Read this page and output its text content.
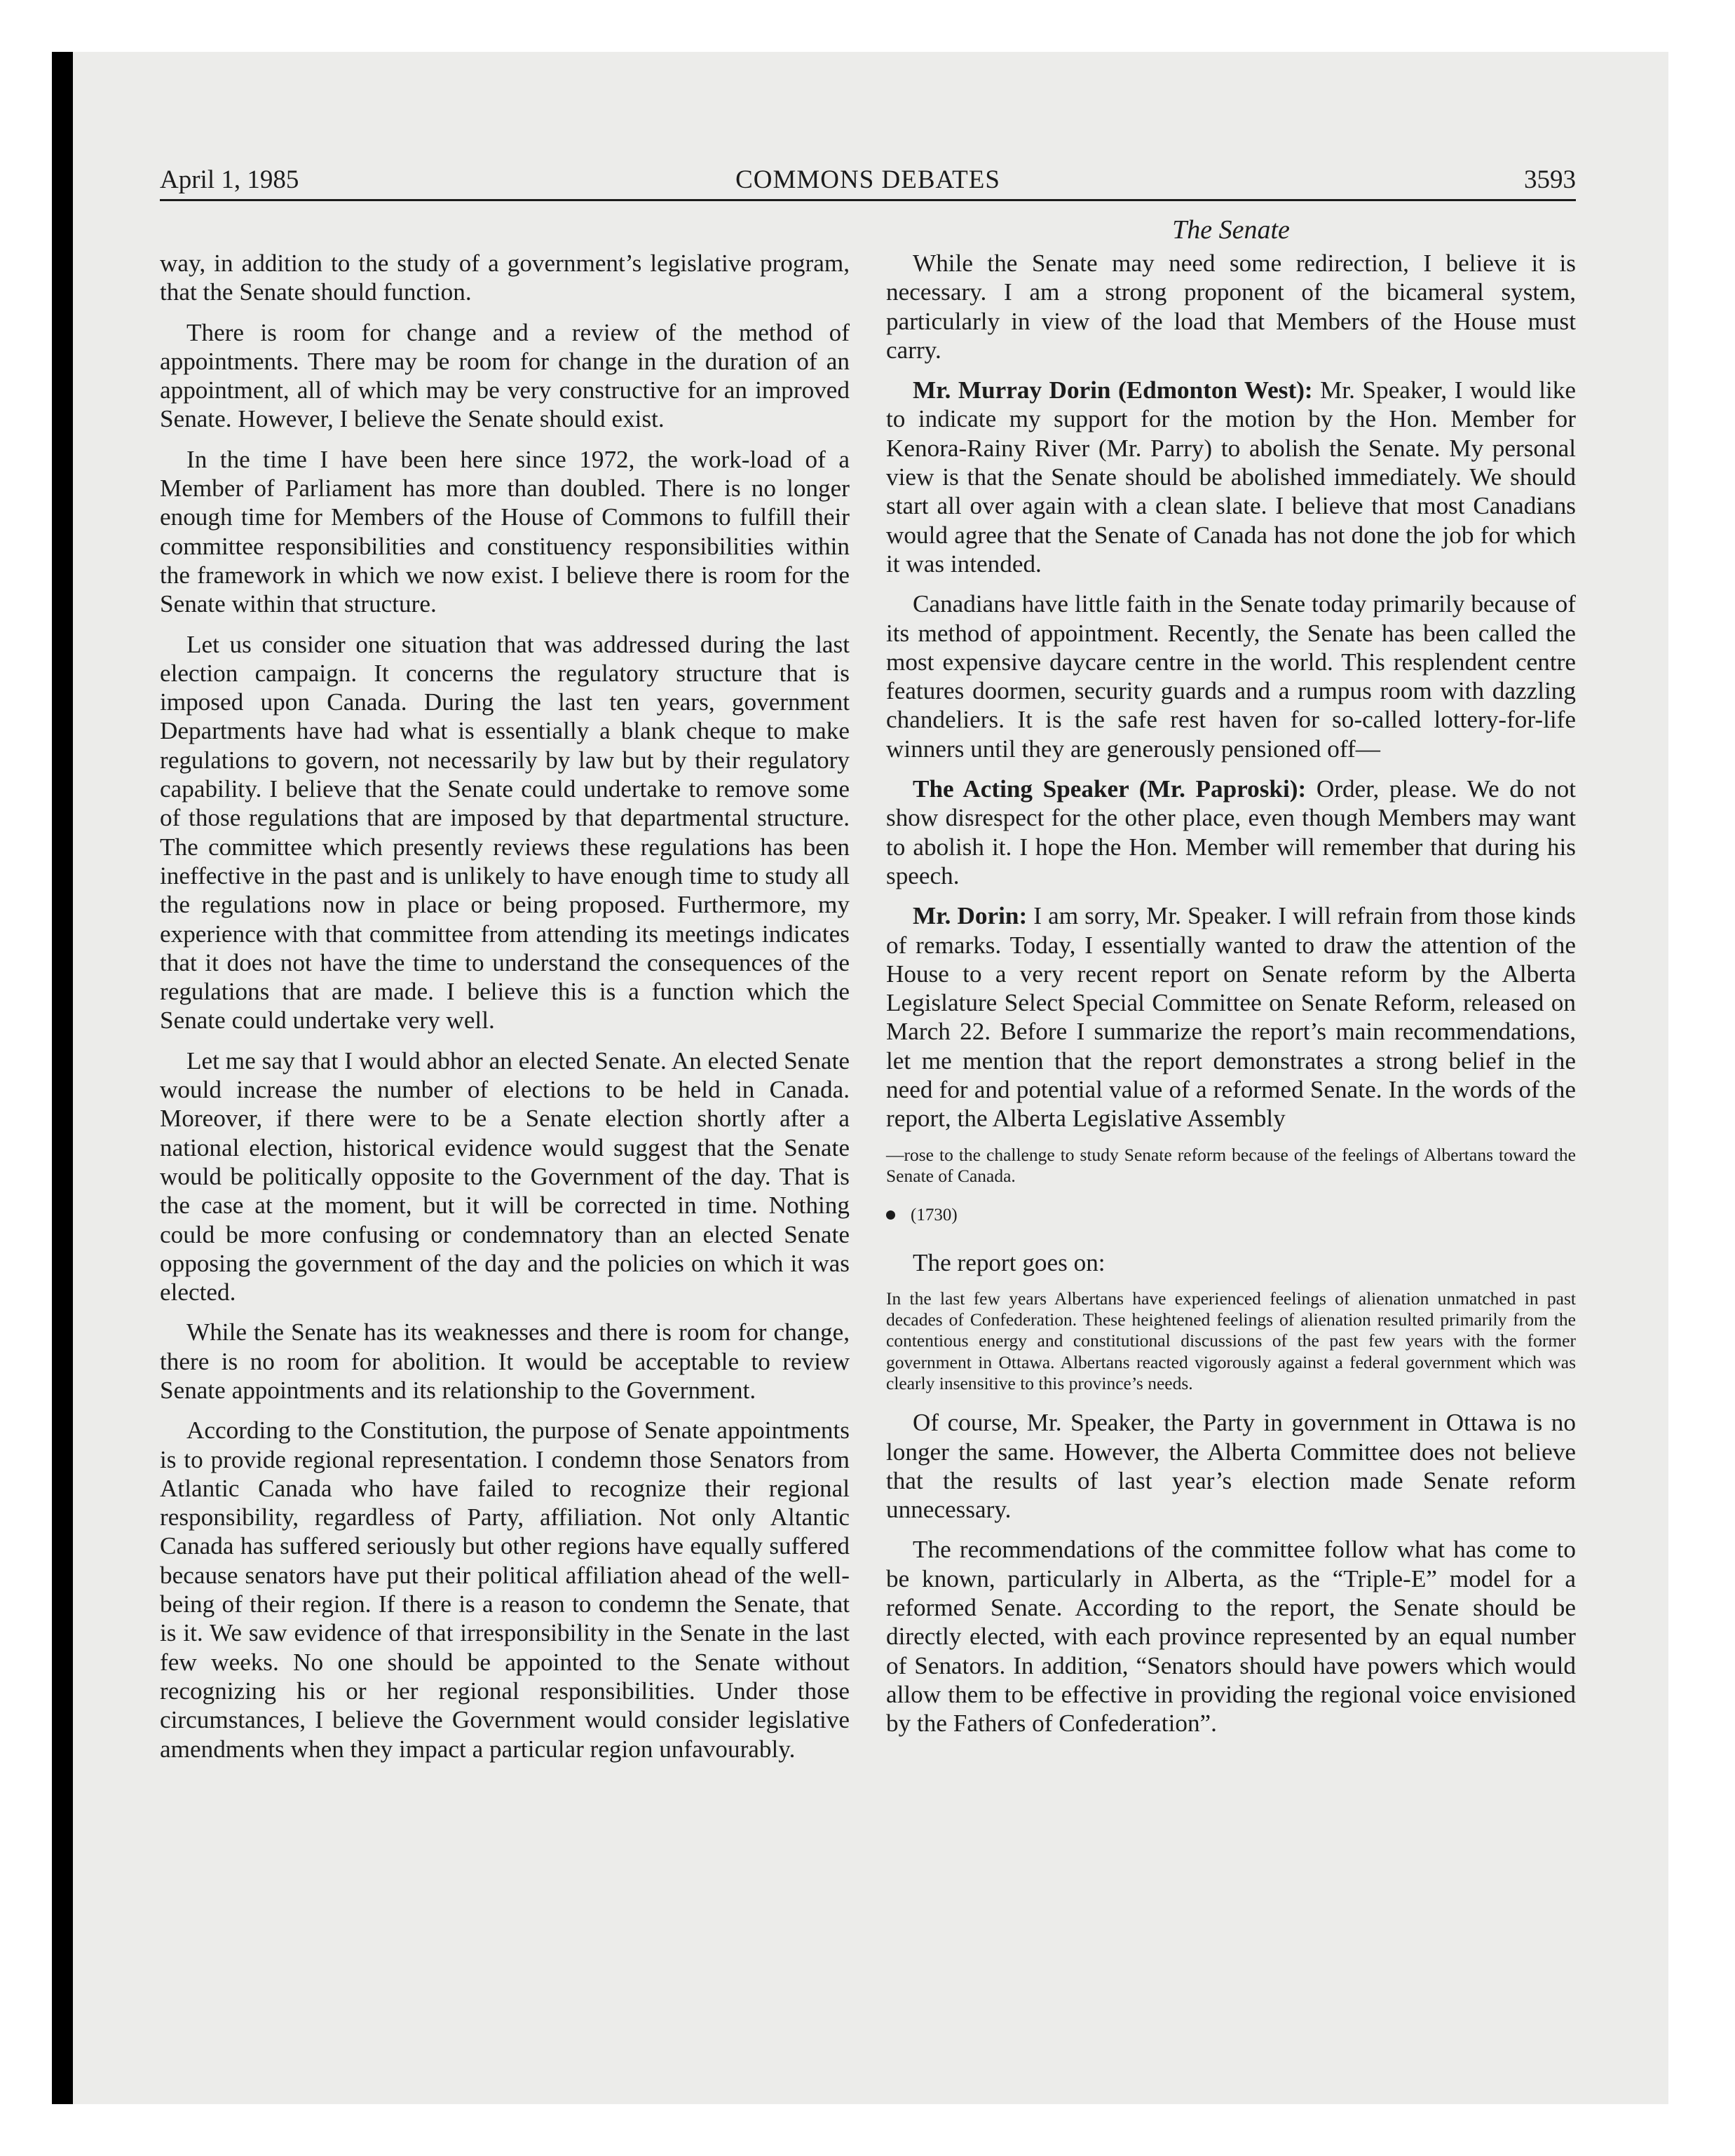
April 1, 1985	COMMONS DEBATES	3593
The Senate

way, in addition to the study of a government’s legislative program, that the Senate should function.

There is room for change and a review of the method of appointments. There may be room for change in the duration of an appointment, all of which may be very constructive for an improved Senate. However, I believe the Senate should exist.

In the time I have been here since 1972, the work-load of a Member of Parliament has more than doubled. There is no longer enough time for Members of the House of Commons to fulfill their committee responsibilities and constituency responsibilities within the framework in which we now exist. I believe there is room for the Senate within that structure.

Let us consider one situation that was addressed during the last election campaign. It concerns the regulatory structure that is imposed upon Canada. During the last ten years, government Departments have had what is essentially a blank cheque to make regulations to govern, not necessarily by law but by their regulatory capability. I believe that the Senate could undertake to remove some of those regulations that are imposed by that departmental structure. The committee which presently reviews these regulations has been ineffective in the past and is unlikely to have enough time to study all the regulations now in place or being proposed. Furthermore, my experience with that committee from attending its meetings indicates that it does not have the time to understand the consequences of the regulations that are made. I believe this is a function which the Senate could undertake very well.

Let me say that I would abhor an elected Senate. An elected Senate would increase the number of elections to be held in Canada. Moreover, if there were to be a Senate election shortly after a national election, historical evidence would suggest that the Senate would be politically opposite to the Government of the day. That is the case at the moment, but it will be corrected in time. Nothing could be more confusing or condemnatory than an elected Senate opposing the government of the day and the policies on which it was elected.

While the Senate has its weaknesses and there is room for change, there is no room for abolition. It would be acceptable to review Senate appointments and its relationship to the Government.

According to the Constitution, the purpose of Senate appointments is to provide regional representation. I condemn those Senators from Atlantic Canada who have failed to recognize their regional responsibility, regardless of Party, affiliation. Not only Altantic Canada has suffered seriously but other regions have equally suffered because senators have put their political affiliation ahead of the well-being of their region. If there is a reason to condemn the Senate, that is it. We saw evidence of that irresponsibility in the Senate in the last few weeks. No one should be appointed to the Senate without recognizing his or her regional responsibilities. Under those circumstances, I believe the Government would consider legislative amendments when they impact a particular region unfavourably.

While the Senate may need some redirection, I believe it is necessary. I am a strong proponent of the bicameral system, particularly in view of the load that Members of the House must carry.

Mr. Murray Dorin (Edmonton West): Mr. Speaker, I would like to indicate my support for the motion by the Hon. Member for Kenora-Rainy River (Mr. Parry) to abolish the Senate. My personal view is that the Senate should be abolished immediately. We should start all over again with a clean slate. I believe that most Canadians would agree that the Senate of Canada has not done the job for which it was intended.

Canadians have little faith in the Senate today primarily because of its method of appointment. Recently, the Senate has been called the most expensive daycare centre in the world. This resplendent centre features doormen, security guards and a rumpus room with dazzling chandeliers. It is the safe rest haven for so-called lottery-for-life winners until they are generously pensioned off—

The Acting Speaker (Mr. Paproski): Order, please. We do not show disrespect for the other place, even though Members may want to abolish it. I hope the Hon. Member will remember that during his speech.

Mr. Dorin: I am sorry, Mr. Speaker. I will refrain from those kinds of remarks. Today, I essentially wanted to draw the attention of the House to a very recent report on Senate reform by the Alberta Legislature Select Special Committee on Senate Reform, released on March 22. Before I summarize the report’s main recommendations, let me mention that the report demonstrates a strong belief in the need for and potential value of a reformed Senate. In the words of the report, the Alberta Legislative Assembly

—rose to the challenge to study Senate reform because of the feelings of Albertans toward the Senate of Canada.
(1730)

The report goes on:

In the last few years Albertans have experienced feelings of alienation unmatched in past decades of Confederation. These heightened feelings of alienation resulted primarily from the contentious energy and constitutional discussions of the past few years with the former government in Ottawa. Albertans reacted vigorously against a federal government which was clearly insensitive to this province’s needs.

Of course, Mr. Speaker, the Party in government in Ottawa is no longer the same. However, the Alberta Committee does not believe that the results of last year’s election made Senate reform unnecessary.

The recommendations of the committee follow what has come to be known, particularly in Alberta, as the “Triple-E” model for a reformed Senate. According to the report, the Senate should be directly elected, with each province represented by an equal number of Senators. In addition, “Senators should have powers which would allow them to be effective in providing the regional voice envisioned by the Fathers of Confederation”.
